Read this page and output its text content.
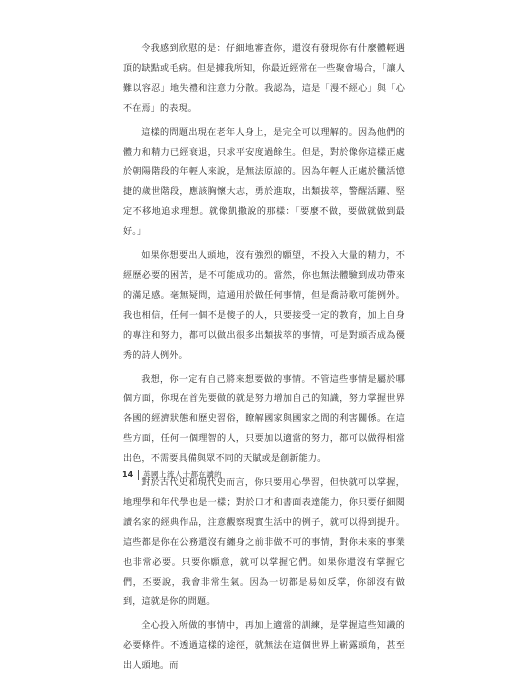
令我感到欣慰的是：仔細地審査你，還沒有發現你有什麼體輕遇頂的缺點或毛病。但是據我所知，你最近經常在一些聚會場合，「讓人難以容忍」地失禮和注意力分散。我認為，這是「漫不經心」與「心不在焉」的表現。

這樣的問題出現在老年人身上，是完全可以理解的。因為他們的體力和精力已經衰退，只求平安度過餘生。但是，對於像你這樣正處於朝陽階段的年輕人來說，是無法原諒的。因為年輕人正處於黴活憶捷的歲世階段，應該胸懷大志，勇於進取，出類拔萃，警醒活躍、堅定不移地追求理想。就像凱撒說的那樣：「要麼不做，要做就做到最好。」

如果你想要出人頭地，沒有強烈的願望，不投入大量的精力，不經歷必要的困苦，是不可能成功的。當然，你也無法體驗到成功帶來的滿足感。毫無疑問，這通用於做任何事情，但是喬詩歌可能例外。我也相信，任何一個不是傻子的人，只要接受一定的教育，加上自身的專注和努力，都可以做出很多出類拔萃的事情，可是對頭否成為優秀的詩人例外。

我想，你一定有自己將來想要做的事情。不管這些事情是屬於哪個方面，你現在首先要做的就是努力增加自己的知識，努力掌握世界各國的經濟狀態和歷史習俗，瞭解國家與國家之間的利害關係。在這些方面，任何一個理智的人，只要加以適當的努力，都可以做得相當出色，不需要具備與眾不同的天賦或是創新能力。

對於古代史和現代史而言，你只要用心學習，但快就可以掌握，地理學和年代學也是一樣；對於口才和書面表達能力，你只要仔細閱讀名家的經典作品，注意觀察現實生活中的例子，就可以得到提升。這些都是你在公務還沒有纏身之前非做不可的事情，對你未來的事業也非常必要。只要你願意，就可以掌握它們。如果你還沒有掌握它們，丕要說，我會非常生氣。因為一切都是易如反掌，你卻沒有做到，這就是你的問題。

全心投入所做的事情中，再加上適當的訓練，是掌握這些知識的必要條件。不透過這樣的途徑，就無法在這個世界上嶄露頭角，甚至出人頭地。而

14 英國上流人士都在讀的
